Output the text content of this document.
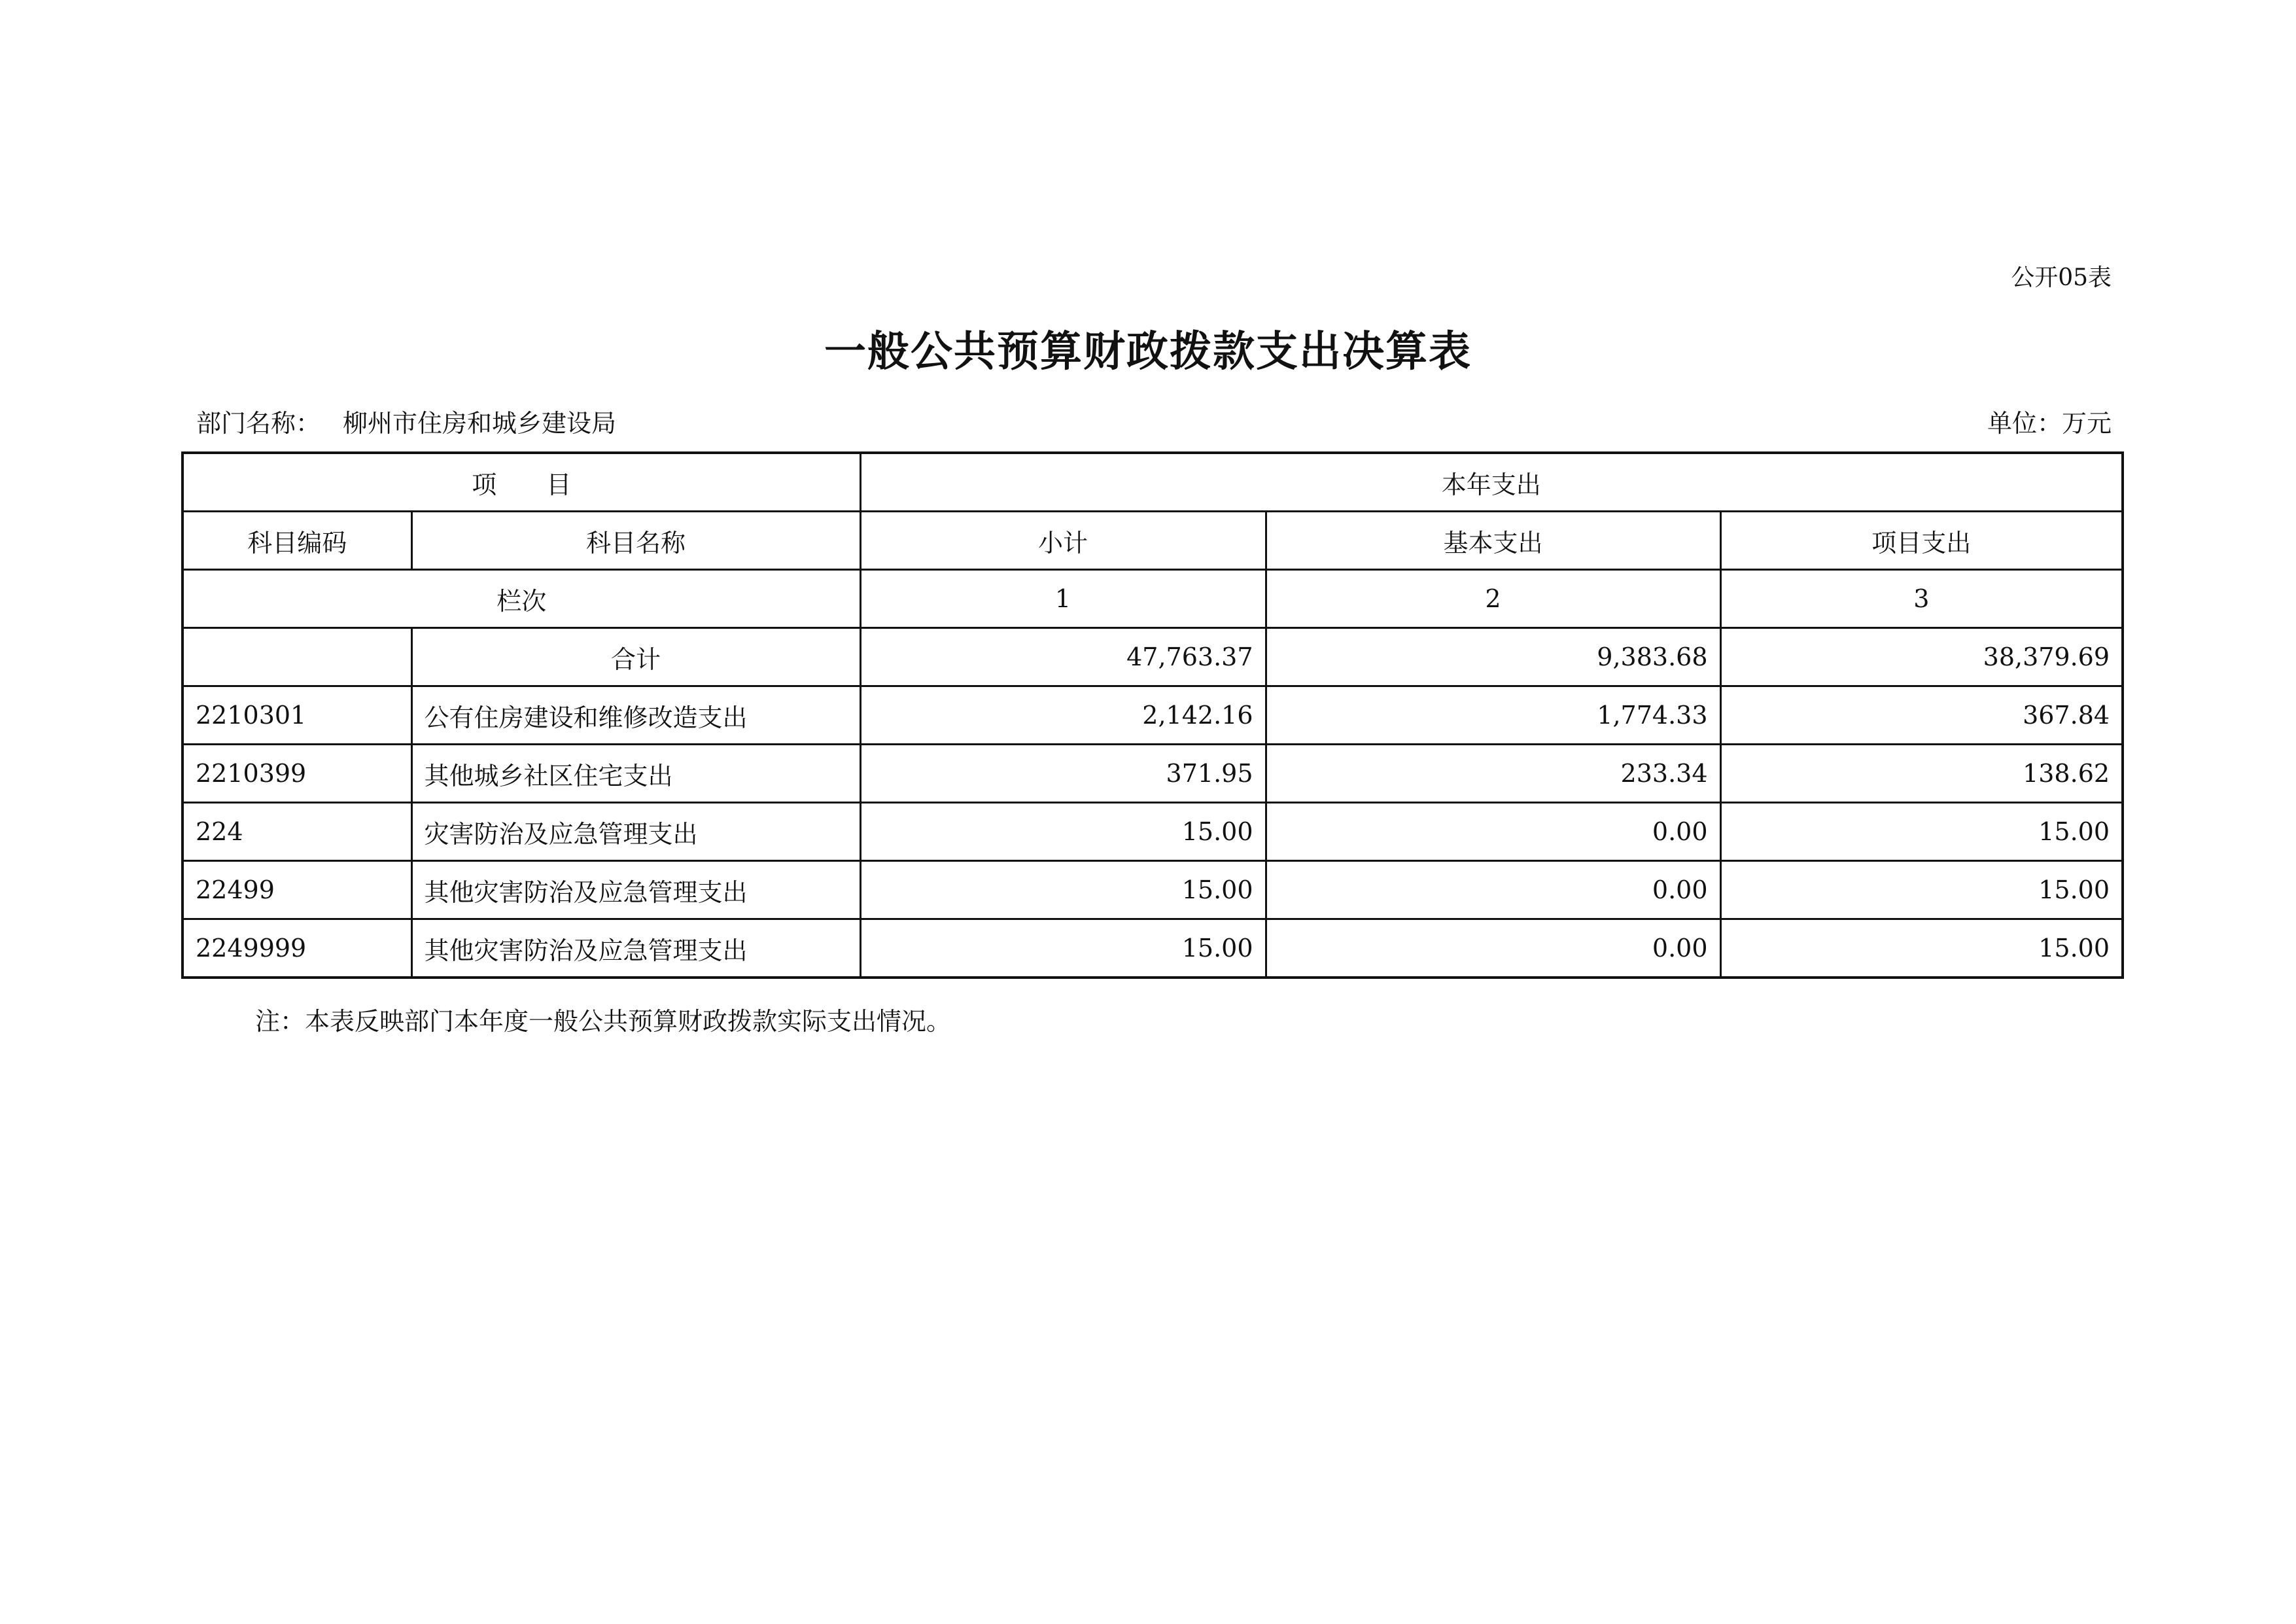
公开05表
一般公共预算财政拨款支出决算表
部门名称： 柳州市住房和城乡建设局	单位：万元
项　　目		本年支出		
科目编码	科目名称	小计	基本支出	项目支出
栏次		1	2	3
	合计	47,763.37	9,383.68	38,379.69
2210301	公有住房建设和维修改造支出	2,142.16	1,774.33	367.84
2210399	其他城乡社区住宅支出	371.95	233.34	138.62
224	灾害防治及应急管理支出	15.00	0.00	15.00
22499	其他灾害防治及应急管理支出	15.00	0.00	15.00
2249999	其他灾害防治及应急管理支出	15.00	0.00	15.00
注：本表反映部门本年度一般公共预算财政拨款实际支出情况。
